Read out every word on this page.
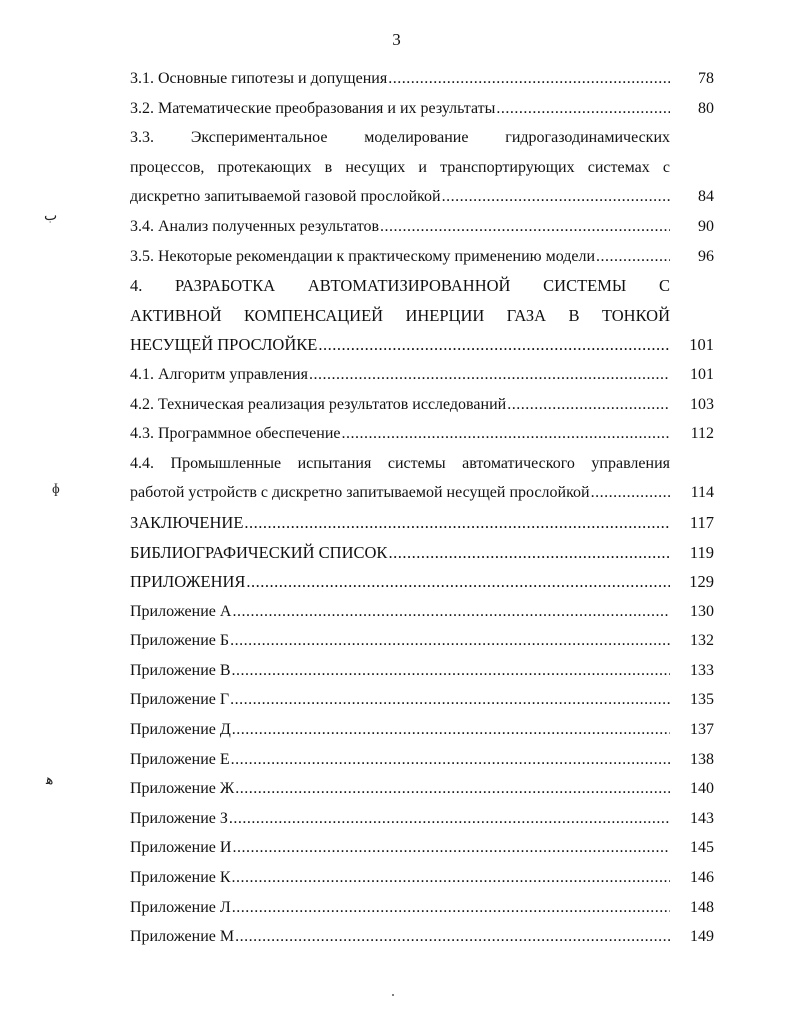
3
3.1. Основные гипотезы и допущения .....	78
3.2. Математические преобразования и их результаты .....	80
3.3. Экспериментальное моделирование гидрогазодинамических
процессов, протекающих в несущих и транспортирующих системах с
дискретно запитываемой газовой прослойкой .....	84
3.4. Анализ полученных результатов .....	90
3.5. Некоторые рекомендации к практическому применению модели .....	96
4. РАЗРАБОТКА АВТОМАТИЗИРОВАННОЙ СИСТЕМЫ С
АКТИВНОЙ КОМПЕНСАЦИЕЙ ИНЕРЦИИ ГАЗА В ТОНКОЙ
НЕСУЩЕЙ ПРОСЛОЙКЕ .....	101
4.1. Алгоритм управления .....	101
4.2. Техническая реализация результатов исследований .....	103
4.3. Программное обеспечение .....	112
4.4. Промышленные испытания системы автоматического управления
работой устройств с дискретно запитываемой несущей прослойкой .....	114
ЗАКЛЮЧЕНИЕ .....	117
БИБЛИОГРАФИЧЕСКИЙ СПИСОК .....	119
ПРИЛОЖЕНИЯ .....	129
Приложение А .....	130
Приложение Б .....	132
Приложение В .....	133
Приложение Г .....	135
Приложение Д .....	137
Приложение Е .....	138
Приложение Ж .....	140
Приложение З .....	143
Приложение И .....	145
Приложение К .....	146
Приложение Л .....	148
Приложение М .....	149
ب
ɸ
ﻫ
